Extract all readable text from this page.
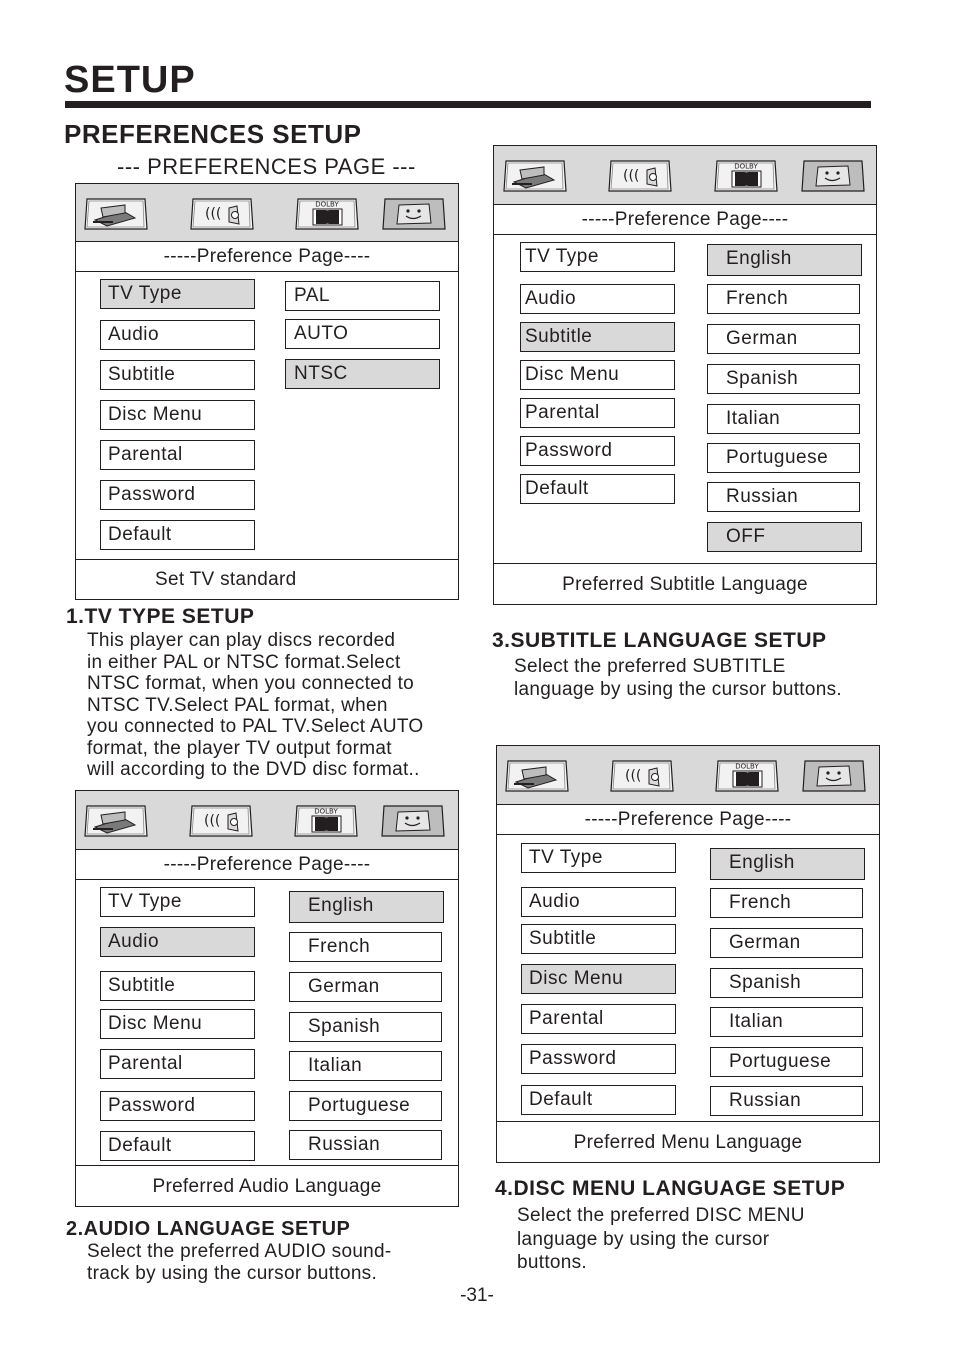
SETUP
PREFERENCES SETUP
--- PREFERENCES PAGE ---
(((
DOLBY
-----Preference Page----
TV Type
Audio
Subtitle
Disc Menu
Parental
Password
Default
PAL
AUTO
NTSC
Set TV standard
1.TV TYPE SETUP
This player can play discs recorded
in either PAL or NTSC format.Select
NTSC format, when you connected to
NTSC TV.Select PAL format, when
you connected to PAL TV.Select AUTO
format, the player TV output format
will according to the DVD disc format..
(((
DOLBY
-----Preference Page----
TV Type
Audio
Subtitle
Disc Menu
Parental
Password
Default
English
French
German
Spanish
Italian
Portuguese
Russian
Preferred Audio Language
2.AUDIO LANGUAGE SETUP
Select the preferred AUDIO sound-
track by using the cursor buttons.
(((
DOLBY
-----Preference Page----
TV Type
Audio
Subtitle
Disc Menu
Parental
Password
Default
English
French
German
Spanish
Italian
Portuguese
Russian
OFF
Preferred Subtitle Language
3.SUBTITLE LANGUAGE SETUP
Select the preferred SUBTITLE
language by using the cursor buttons.
(((
DOLBY
-----Preference Page----
TV Type
Audio
Subtitle
Disc Menu
Parental
Password
Default
English
French
German
Spanish
Italian
Portuguese
Russian
Preferred Menu Language
4.DISC MENU LANGUAGE SETUP
Select the preferred DISC MENU
language by using the cursor
buttons.
-31-
